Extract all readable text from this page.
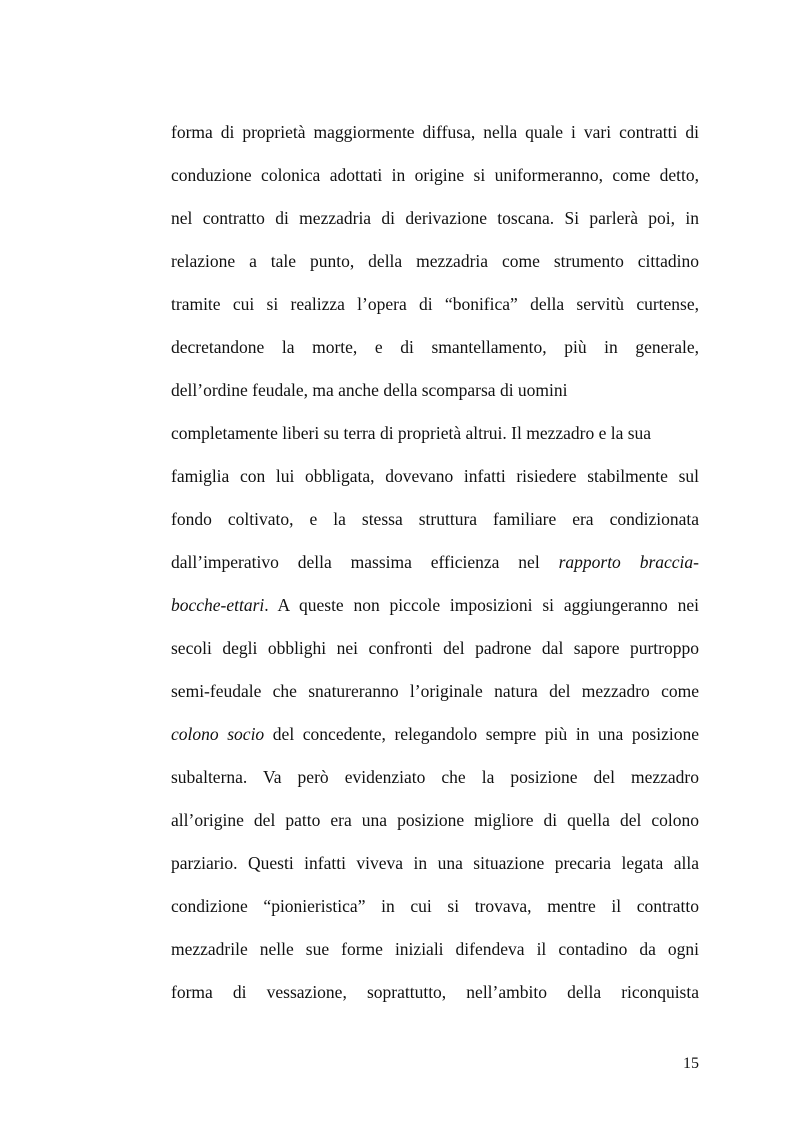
forma di proprietà maggiormente diffusa, nella quale i vari contratti di
conduzione colonica adottati in origine si uniformeranno, come detto,
nel contratto di mezzadria di derivazione toscana. Si parlerà poi, in
relazione a tale punto, della mezzadria come strumento cittadino
tramite cui si realizza l’opera di “bonifica” della servitù curtense,
decretandone la morte, e di smantellamento, più in generale,
dell’ordine feudale, ma anche della scomparsa di uomini
completamente liberi su terra di proprietà altrui. Il mezzadro e la sua
famiglia con lui obbligata, dovevano infatti risiedere stabilmente sul
fondo coltivato, e la stessa struttura familiare era condizionata
dall’imperativo della massima efficienza nel rapporto braccia-
bocche-ettari. A queste non piccole imposizioni si aggiungeranno nei
secoli degli obblighi nei confronti del padrone dal sapore purtroppo
semi-feudale che snatureranno l’originale natura del mezzadro come
colono socio del concedente, relegandolo sempre più in una posizione
subalterna. Va però evidenziato che la posizione del mezzadro
all’origine del patto era una posizione migliore di quella del colono
parziario. Questi infatti viveva in una situazione precaria legata alla
condizione “pionieristica” in cui si trovava, mentre il contratto
mezzadrile nelle sue forme iniziali difendeva il contadino da ogni
forma di vessazione, soprattutto, nell’ambito della riconquista
15
